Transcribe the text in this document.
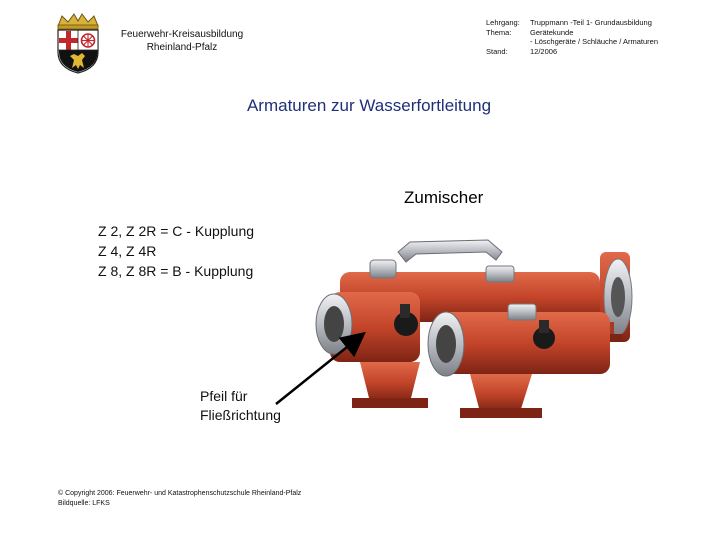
Feuerwehr-Kreisausbildung
Rheinland-Pfalz
Lehrgang:	Truppmann -Teil 1- Grundausbildung
Thema:	Gerätekunde
- Löschgeräte / Schläuche / Armaturen
Stand:	12/2006
Armaturen zur Wasserfortleitung
Zumischer
Z 2, Z 2R = C - Kupplung
Z 4, Z 4R
Z 8, Z 8R = B - Kupplung
Pfeil für
Fließrichtung
© Copyright 2006: Feuerwehr- und Katastrophenschutzschule Rheinland-Pfalz
Bildquelle: LFKS
